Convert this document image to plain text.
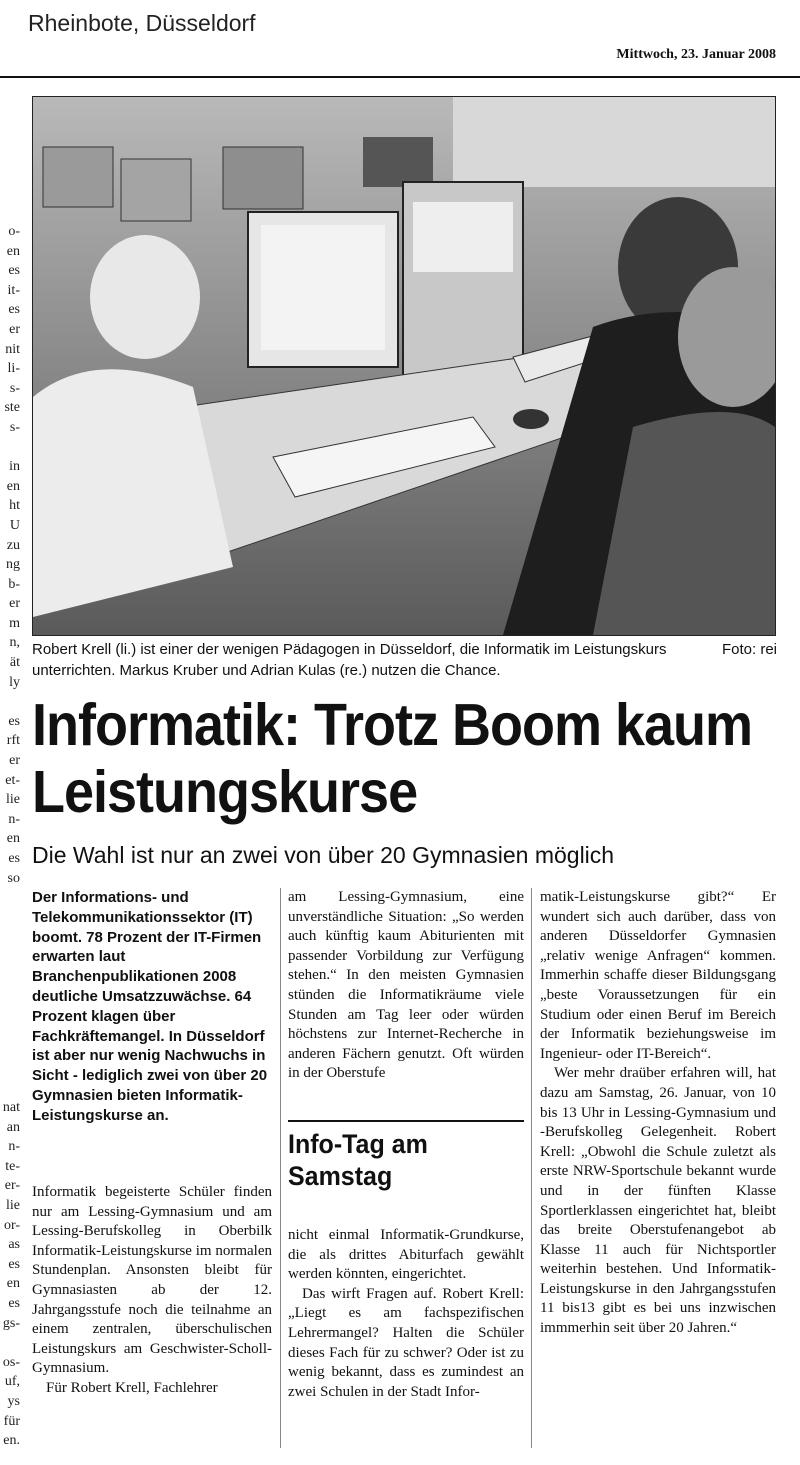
Rheinbote, Düsseldorf
Mittwoch, 23. Januar 2008
o-
en
es
it-
es
er
nit
li-
s-
ste
s-

in
en
ht
U
zu
ng
b-
er
m
n,
ät
ly

es
rft
er
et-
lie
n-
en
es
so
nat
an
n-
te-
er-
lie
or-
as
es
en
es
gs-

os-
uf,
ys
für
en.
Foto: rei
Robert Krell (li.) ist einer der wenigen Pädagogen in Düsseldorf, die Informatik im Leistungskurs unterrichten. Markus Kruber und Adrian Kulas (re.) nutzen die Chance.
Informatik: Trotz Boom kaum Leistungskurse
Die Wahl ist nur an zwei von über 20 Gymnasien möglich
Der Informations- und Telekommunikationssektor (IT) boomt. 78 Prozent der IT-Firmen erwarten laut Branchenpublikationen 2008 deutliche Umsatzzuwächse. 64 Prozent klagen über Fachkräftemangel. In Düsseldorf ist aber nur wenig Nachwuchs in Sicht - lediglich zwei von über 20 Gymnasien bieten Informatik-Leistungskurse an.

Informatik begeisterte Schüler finden nur am Lessing-Gymnasium und am Lessing-Berufskolleg in Oberbilk Informatik-Leistungskurse im normalen Stundenplan. Ansonsten bleibt für Gymnasiasten ab der 12. Jahrgangsstufe noch die teilnahme an einem zentralen, überschulischen Leistungskurs am Geschwister-Scholl-Gymnasium.

Für Robert Krell, Fachlehrer

am Lessing-Gymnasium, eine unverständliche Situation: „So werden auch künftig kaum Abiturienten mit passender Vorbildung zur Verfügung stehen.“ In den meisten Gymnasien stünden die Informatikräume viele Stunden am Tag leer oder würden höchstens zur Internet-Recherche in anderen Fächern genutzt. Oft würden in der Oberstufe

Info-Tag am Samstag

nicht einmal Informatik-Grundkurse, die als drittes Abiturfach gewählt werden könnten, eingerichtet.

Das wirft Fragen auf. Robert Krell: „Liegt es am fachspezifischen Lehrermangel? Halten die Schüler dieses Fach für zu schwer? Oder ist zu wenig bekannt, dass es zumindest an zwei Schulen in der Stadt Infor-

matik-Leistungskurse gibt?“ Er wundert sich auch darüber, dass von anderen Düsseldorfer Gymnasien „relativ wenige Anfragen“ kommen. Immerhin schaffe dieser Bildungsgang „beste Voraussetzungen für ein Studium oder einen Beruf im Bereich der Informatik beziehungsweise im Ingenieur- oder IT-Bereich“.

Wer mehr draüber erfahren will, hat dazu am Samstag, 26. Januar, von 10 bis 13 Uhr in Lessing-Gymnasium und -Berufskolleg Gelegenheit. Robert Krell: „Obwohl die Schule zuletzt als erste NRW-Sportschule bekannt wurde und in der fünften Klasse Sportlerklassen eingerichtet hat, bleibt das breite Oberstufenangebot ab Klasse 11 auch für Nichtsportler weiterhin bestehen. Und Informatik-Leistungskurse in den Jahrgangsstufen 11 bis13 gibt es bei uns inzwischen immmerhin seit über 20 Jahren.“
